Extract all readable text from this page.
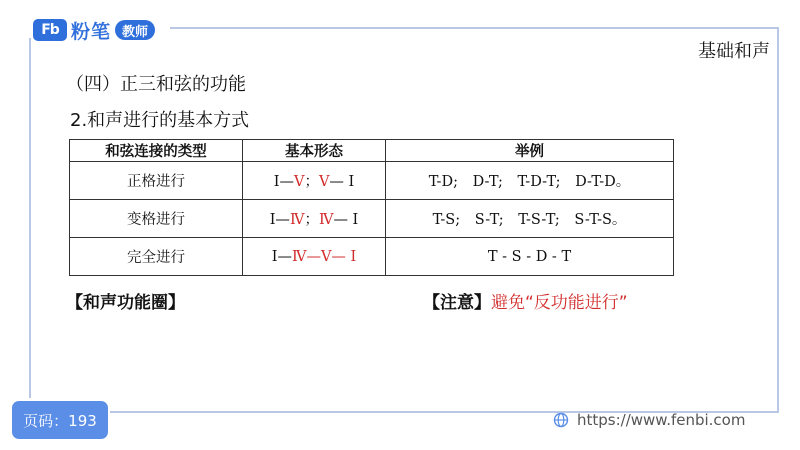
Fb 粉笔 教师
基础和声
（四）正三和弦的功能
2.和声进行的基本方式
和弦连接的类型	基本形态	举例
正格进行	Ⅰ—Ⅴ；Ⅴ— Ⅰ	T-D; D-T; T-D-T; D-T-D。
变格进行	Ⅰ—Ⅳ；Ⅳ— Ⅰ	T-S; S-T; T-S-T; S-T-S。
完全进行	Ⅰ—Ⅳ—Ⅴ— Ⅰ	T - S - D - T
【和声功能圈】	【注意】避免“反功能进行”
页码：193	https://www.fenbi.com
